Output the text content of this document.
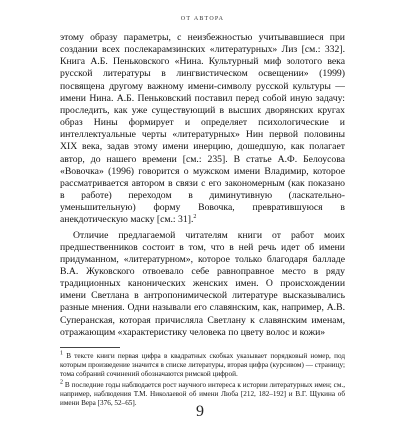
ОТ АВТОРА

этому образу параметры, с неизбежностью учитывавшиеся при создании всех послекарамзинских «литературных» Лиз [см.: 332]. Книга А.Б. Пеньковского «Нина. Культурный миф золотого века русской литературы в лингвистическом освещении» (1999) посвящена другому важному имени-символу русской культуры — имени Нина. А.Б. Пеньковский поставил перед собой иную задачу: проследить, как уже существующий в высших дворянских кругах образ Нины формирует и определяет психологические и интеллектуальные черты «литературных» Нин первой половины XIX века, задав этому имени инерцию, дошедшую, как полагает автор, до нашего времени [см.: 235]. В статье А.Ф. Белоусова «Вовочка» (1996) говорится о мужском имени Владимир, которое рассматривается автором в связи с его закономерным (как показано в работе) переходом в диминутивную (ласкательно-уменьшительную) форму Вовочка, превратившуюся в анекдотическую маску [см.: 31].$^2$

Отличие предлагаемой читателям книги от работ моих предшественников состоит в том, что в ней речь идет об имени придуманном, «литературном», которое только благодаря балладе В.А. Жуковского отвоевало себе равноправное место в ряду традиционных канонических женских имен. О происхождении имени Светлана в антропонимической литературе высказывались разные мнения. Одни называли его славянским, как, например, А.В. Суперанская, которая причисляла Светлану к славянским именам, отражающим «характеристику человека по цвету волос и кожи»

$^1$ В тексте книги первая цифра в квадратных скобках указывает порядковый номер, под которым произведение значится в списке литературы, вторая цифра (курсивом) — страницу; тома собраний сочинений обозначаются римской цифрой.

$^2$ В последние годы наблюдается рост научного интереса к истории литературных имен; см., например, наблюдения Т.М. Николаевой об имени Люба [212, 182–192] и В.Г. Щукина об имени Вера [376, 52–65].

9
